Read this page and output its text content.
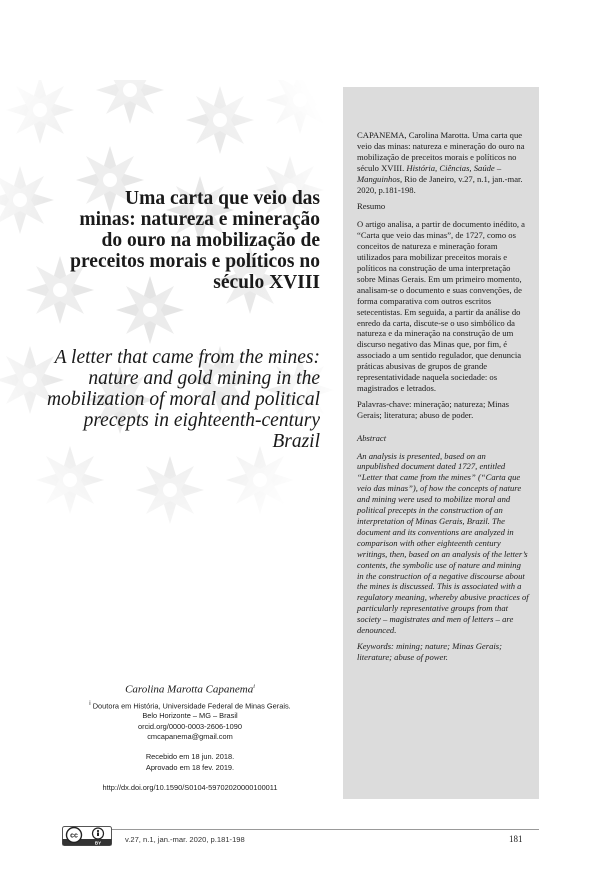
CAPANEMA, Carolina Marotta. Uma carta que veio das minas: natureza e mineração do ouro na mobilização de preceitos morais e políticos no século XVIII. História, Ciências, Saúde – Manguinhos, Rio de Janeiro, v.27, n.1, jan.-mar. 2020, p.181-198.

Resumo

O artigo analisa, a partir de documento inédito, a “Carta que veio das minas”, de 1727, como os conceitos de natureza e mineração foram utilizados para mobilizar preceitos morais e políticos na construção de uma interpretação sobre Minas Gerais. Em um primeiro momento, analisam-se o documento e suas convenções, de forma comparativa com outros escritos setecentistas. Em seguida, a partir da análise do enredo da carta, discute-se o uso simbólico da natureza e da mineração na construção de um discurso negativo das Minas que, por fim, é associado a um sentido regulador, que denuncia práticas abusivas de grupos de grande representatividade naquela sociedade: os magistrados e letrados.

Palavras-chave: mineração; natureza; Minas Gerais; literatura; abuso de poder.

Abstract

An analysis is presented, based on an unpublished document dated 1727, entitled “Letter that came from the mines” (“Carta que veio das minas”), of how the concepts of nature and mining were used to mobilize moral and political precepts in the construction of an interpretation of Minas Gerais, Brazil. The document and its conventions are analyzed in comparison with other eighteenth century writings, then, based on an analysis of the letter’s contents, the symbolic use of nature and mining in the construction of a negative discourse about the mines is discussed. This is associated with a regulatory meaning, whereby abusive practices of particularly representative groups from that society – magistrates and men of letters – are denounced.

Keywords: mining; nature; Minas Gerais; literature; abuse of power.

Uma carta que veio das minas: natureza e mineração do ouro na mobilização de preceitos morais e políticos no século XVIII
A letter that came from the mines: nature and gold mining in the mobilization of moral and political precepts in eighteenth-century Brazil
Carolina Marotta Capanema$^i$
$^i$ Doutora em História, Universidade Federal de Minas Gerais.
Belo Horizonte – MG – Brasil
orcid.org/0000-0003-2606-1090
cmcapanema@gmail.com
Recebido em 18 jun. 2018.
Aprovado em 18 fev. 2019.
http://dx.doi.org/10.1590/S0104-59702020000100011
cc
BY	v.27, n.1, jan.-mar. 2020, p.181-198	181
